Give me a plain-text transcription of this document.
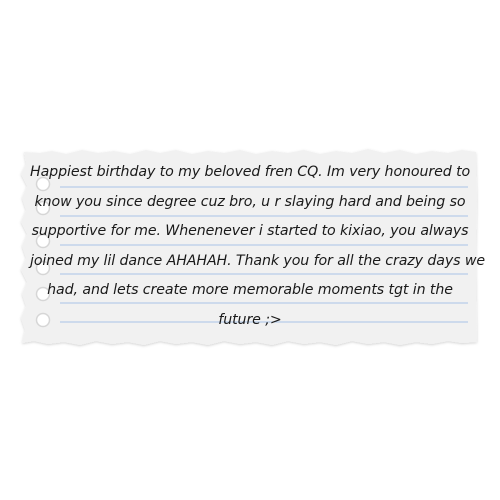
Happiest birthday to my beloved fren CQ. Im very honoured to
know you since degree cuz bro, u r slaying hard and being so
supportive for me. Whenenever i started to kixiao, you always
joined my lil dance AHAHAH. Thank you for all the crazy days we
had, and lets create more memorable moments tgt in the
future ;>
